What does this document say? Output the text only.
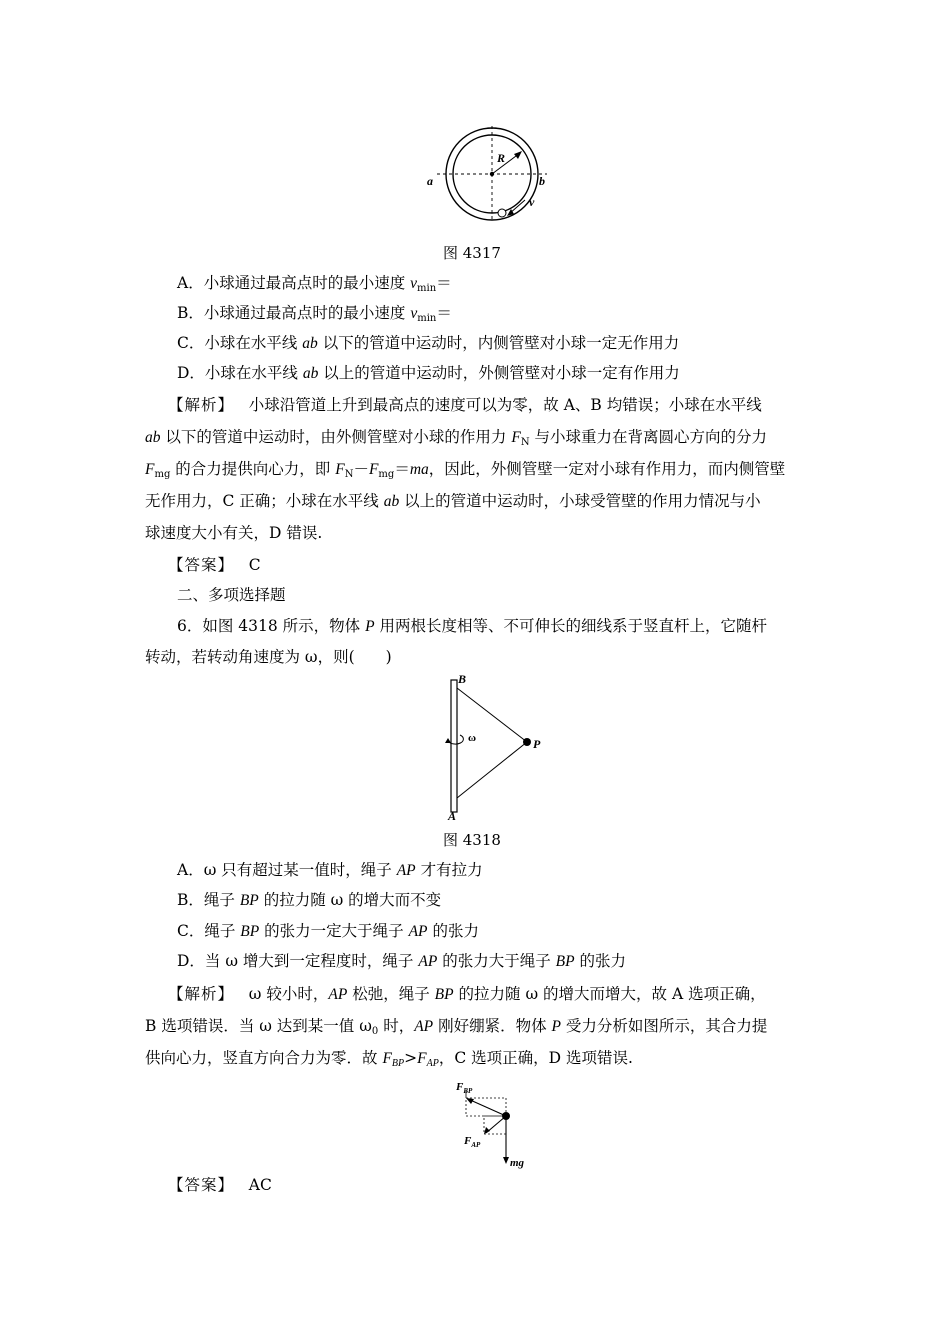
R
a	b
v
图 4317
A．小球通过最高点时的最小速度 $v_{min}=$
B．小球通过最高点时的最小速度 $v_{min}=$
C．小球在水平线 ab 以下的管道中运动时，内侧管壁对小球一定无作用力
D．小球在水平线 ab 以上的管道中运动时，外侧管壁对小球一定有作用力
【解析】 小球沿管道上升到最高点的速度可以为零，故 A、B 均错误；小球在水平线
ab 以下的管道中运动时，由外侧管壁对小球的作用力 $F_N$ 与小球重力在背离圆心方向的分力
$F_{mg}$ 的合力提供向心力，即 $F_N-F_{mg}=ma$，因此，外侧管壁一定对小球有作用力，而内侧管壁
无作用力，C 正确；小球在水平线 ab 以上的管道中运动时，小球受管壁的作用力情况与小
球速度大小有关，D 错误.
【答案】 C
二、多项选择题
6．如图 4318 所示，物体 P 用两根长度相等、不可伸长的细线系于竖直杆上，它随杆
转动，若转动角速度为 ω，则(　　)
ω
B
A
P
图 4318
A．ω 只有超过某一值时，绳子 AP 才有拉力
B．绳子 BP 的拉力随 ω 的增大而不变
C．绳子 BP 的张力一定大于绳子 AP 的张力
D．当 ω 增大到一定程度时，绳子 AP 的张力大于绳子 BP 的张力
【解析】 ω 较小时，AP 松弛，绳子 BP 的拉力随 ω 的增大而增大，故 A 选项正确，
B 选项错误．当 ω 达到某一值 $\omega_0$ 时，AP 刚好绷紧．物体 P 受力分析如图所示，其合力提
供向心力，竖直方向合力为零．故 $F_{BP}>F_{AP}$，C 选项正确，D 选项错误.
$F_{BP}$
$F_{AP}$
mg
【答案】 AC
